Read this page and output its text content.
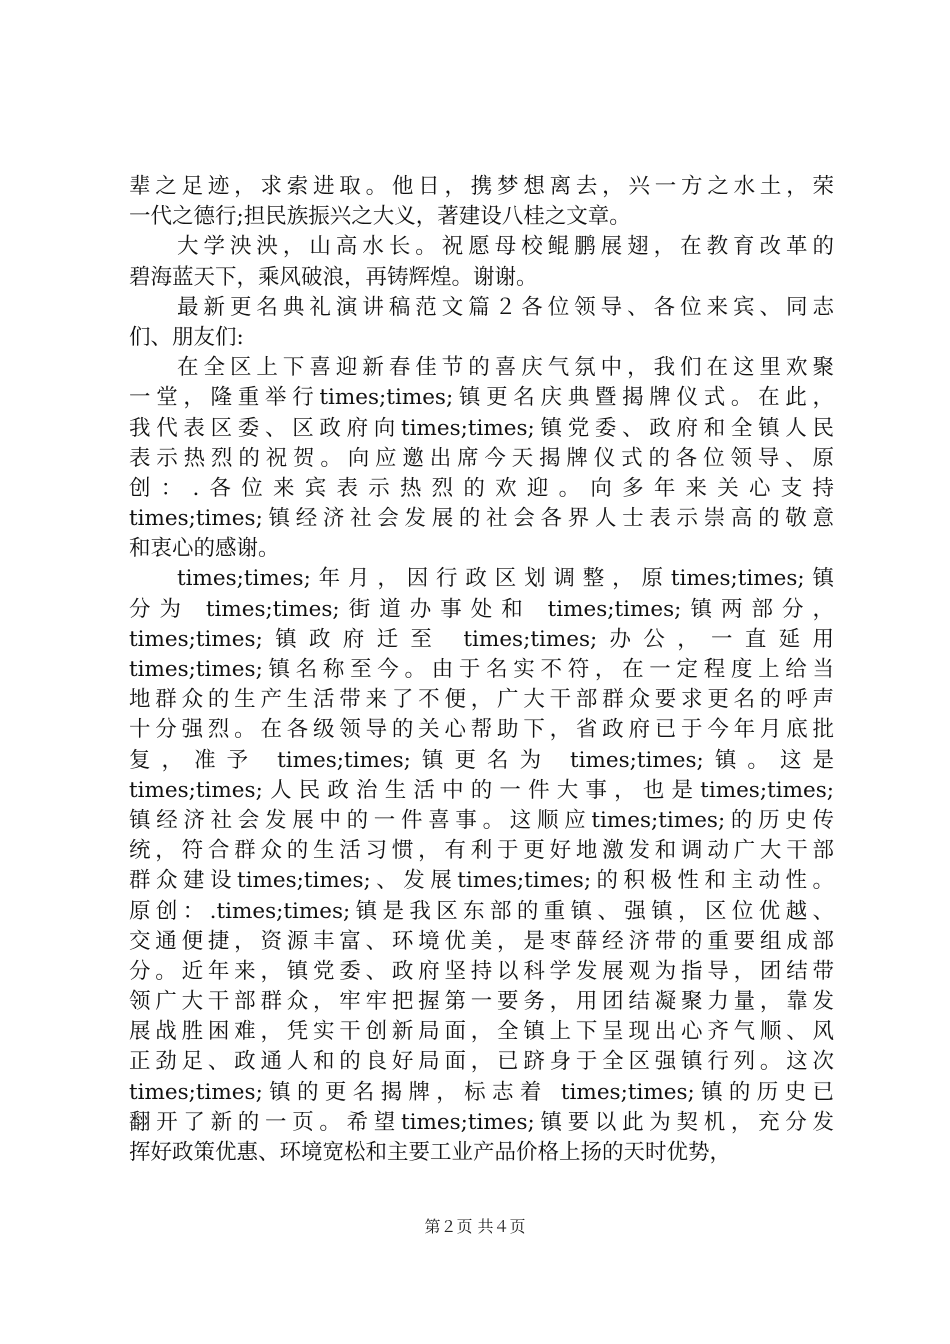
辈之足迹，求索进取。他日，携梦想离去，兴一方之水土，荣
一代之德行;担民族振兴之大义，著建设八桂之文章。
大学泱泱，山高水长。祝愿母校鲲鹏展翅，在教育改革的
碧海蓝天下，乘风破浪，再铸辉煌。谢谢。
最新更名典礼演讲稿范文篇２各位领导、各位来宾、同志
们、朋友们:
在全区上下喜迎新春佳节的喜庆气氛中，我们在这里欢聚
一堂，隆重举行times;times;镇更名庆典暨揭牌仪式。在此，
我代表区委、区政府向times;times;镇党委、政府和全镇人民
表示热烈的祝贺。向应邀出席今天揭牌仪式的各位领导、原
创：.各位来宾表示热烈的欢迎。向多年来关心支持
times;times;镇经济社会发展的社会各界人士表示崇高的敬意
和衷心的感谢。
times;times;年月，因行政区划调整，原times;times;镇
分为 times;times;街道办事处和 times;times;镇两部分，
times;times;镇政府迁至 times;times;办公，一直延用
times;times;镇名称至今。由于名实不符，在一定程度上给当
地群众的生产生活带来了不便，广大干部群众要求更名的呼声
十分强烈。在各级领导的关心帮助下，省政府已于今年月底批
复，准予 times;times;镇更名为 times;times;镇。这是
times;times;人民政治生活中的一件大事，也是times;times;
镇经济社会发展中的一件喜事。这顺应times;times;的历史传
统，符合群众的生活习惯，有利于更好地激发和调动广大干部
群众建设times;times;、发展times;times;的积极性和主动性。
原创：.times;times;镇是我区东部的重镇、强镇，区位优越、
交通便捷，资源丰富、环境优美，是枣薛经济带的重要组成部
分。近年来，镇党委、政府坚持以科学发展观为指导，团结带
领广大干部群众，牢牢把握第一要务，用团结凝聚力量，靠发
展战胜困难，凭实干创新局面，全镇上下呈现出心齐气顺、风
正劲足、政通人和的良好局面，已跻身于全区强镇行列。这次
times;times;镇的更名揭牌，标志着 times;times;镇的历史已
翻开了新的一页。希望times;times;镇要以此为契机，充分发
挥好政策优惠、环境宽松和主要工业产品价格上扬的天时优势，
第２页 共４页
